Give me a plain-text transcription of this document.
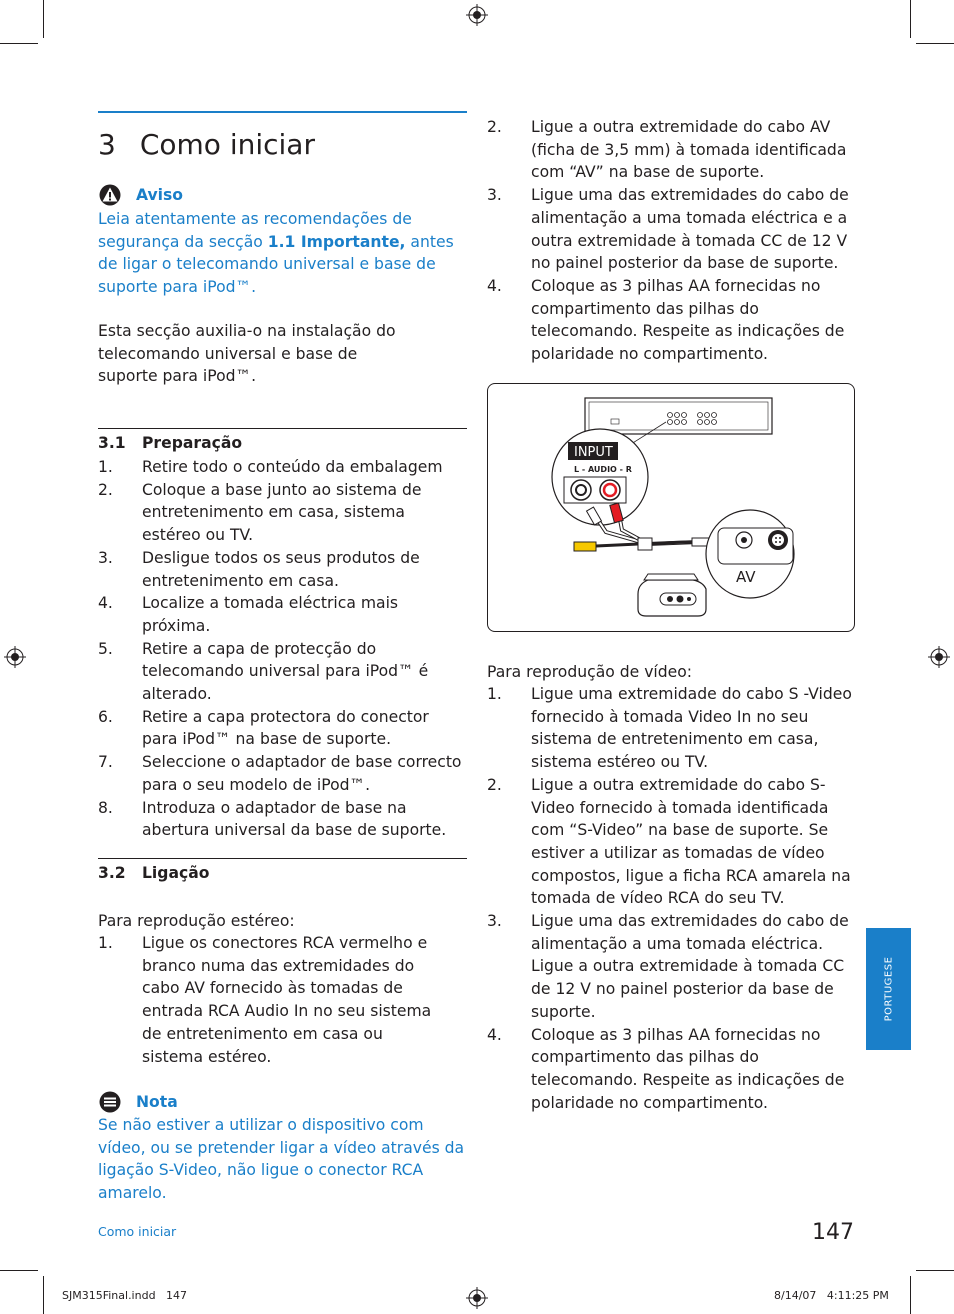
3 Como iniciar
Aviso
Leia atentamente as recomendações de segurança da secção 1.1 Importante, antes de ligar o telecomando universal e base de suporte para iPod™.
Esta secção auxilia-o na instalação do telecomando universal e base de suporte para iPod™.
3.1 Preparação
1. Retire todo o conteúdo da embalagem
2. Coloque a base junto ao sistema de entretenimento em casa, sistema estéreo ou TV.
3. Desligue todos os seus produtos de entretenimento em casa.
4. Localize a tomada eléctrica mais próxima.
5. Retire a capa de protecção do telecomando universal para iPod™ é alterado.
6. Retire a capa protectora do conector para iPod™ na base de suporte.
7. Seleccione o adaptador de base correcto para o seu modelo de iPod™.
8. Introduza o adaptador de base na abertura universal da base de suporte.
3.2 Ligação
Para reprodução estéreo:
1. Ligue os conectores RCA vermelho e branco numa das extremidades do cabo AV fornecido às tomadas de entrada RCA Audio In no seu sistema de entretenimento em casa ou sistema estéreo.
Nota
Se não estiver a utilizar o dispositivo com vídeo, ou se pretender ligar a vídeo através da ligação S-Video, não ligue o conector RCA amarelo.
2. Ligue a outra extremidade do cabo AV (ficha de 3,5 mm) à tomada identificada com “AV” na base de suporte.
3. Ligue uma das extremidades do cabo de alimentação a uma tomada eléctrica e a outra extremidade à tomada CC de 12 V no painel posterior da base de suporte.
4. Coloque as 3 pilhas AA fornecidas no compartimento das pilhas do telecomando. Respeite as indicações de polaridade no compartimento.
INPUT
L - AUDIO - R
AV
Para reprodução de vídeo:
1. Ligue uma extremidade do cabo S -Video fornecido à tomada Video In no seu sistema de entretenimento em casa, sistema estéreo ou TV.
2. Ligue a outra extremidade do cabo S-Video fornecido à tomada identificada com “S-Video” na base de suporte. Se estiver a utilizar as tomadas de vídeo compostos, ligue a ficha RCA amarela na tomada de vídeo RCA do seu TV.
3. Ligue uma das extremidades do cabo de alimentação a uma tomada eléctrica. Ligue a outra extremidade à tomada CC de 12 V no painel posterior da base de suporte.
4. Coloque as 3 pilhas AA fornecidas no compartimento das pilhas do telecomando. Respeite as indicações de polaridade no compartimento.
PORTUGESE
Como iniciar	147
SJM315Final.indd   147	8/14/07   4:11:25 PM
